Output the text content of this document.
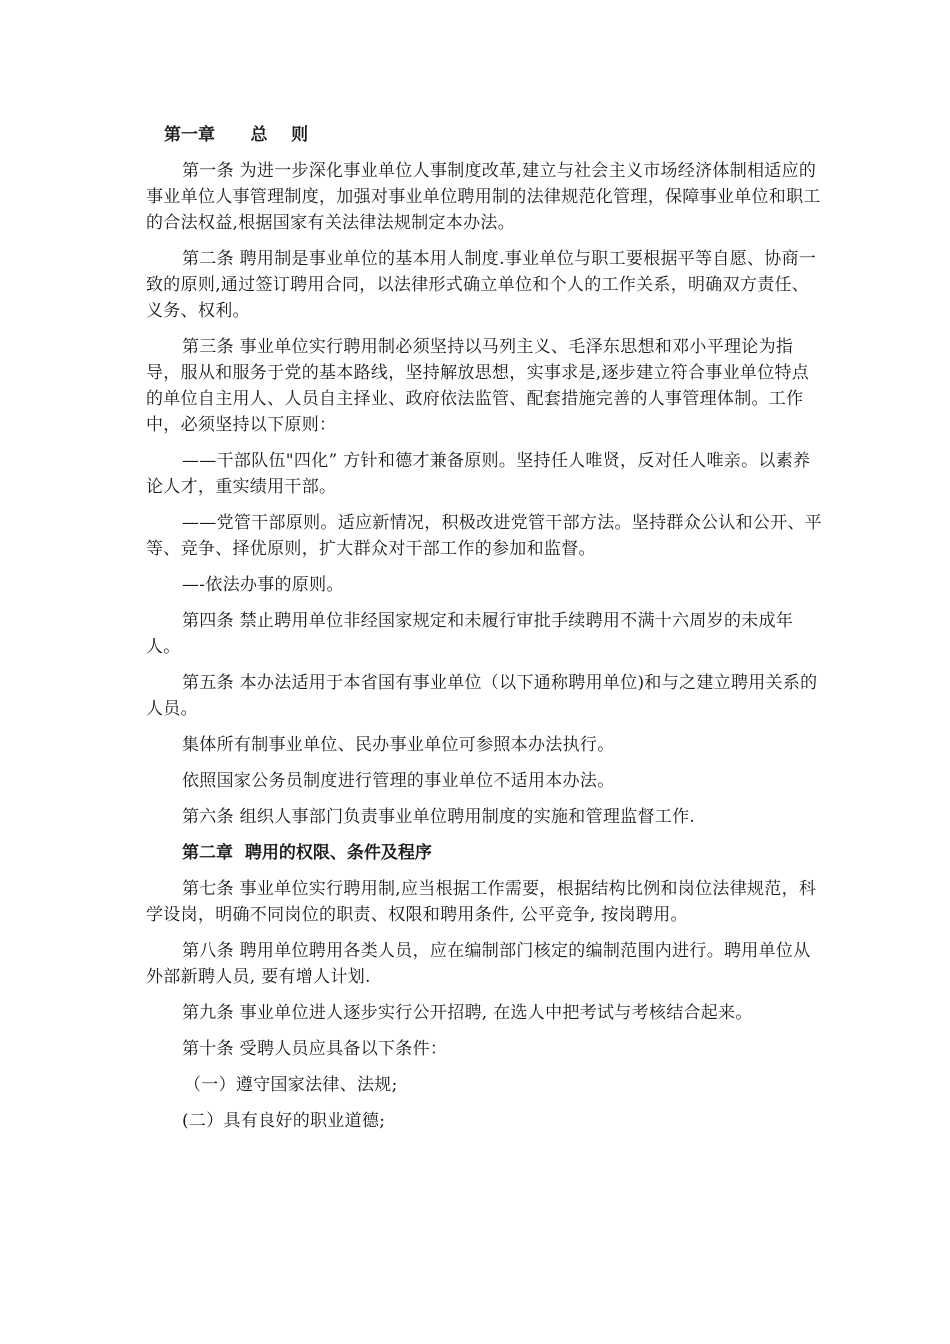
第一章      总    则

第一条 为进一步深化事业单位人事制度改革,建立与社会主义市场经济体制相适应的事业单位人事管理制度，加强对事业单位聘用制的法律规范化管理，保障事业单位和职工的合法权益,根据国家有关法律法规制定本办法。

第二条 聘用制是事业单位的基本用人制度.事业单位与职工要根据平等自愿、协商一致的原则,通过签订聘用合同，以法律形式确立单位和个人的工作关系，明确双方责任、义务、权利。

第三条 事业单位实行聘用制必须坚持以马列主义、毛泽东思想和邓小平理论为指导，服从和服务于党的基本路线，坚持解放思想，实事求是,逐步建立符合事业单位特点的单位自主用人、人员自主择业、政府依法监管、配套措施完善的人事管理体制。工作中，必须坚持以下原则：

——干部队伍"四化” 方针和德才兼备原则。坚持任人唯贤，反对任人唯亲。以素养论人才，重实绩用干部。

——党管干部原则。适应新情况，积极改进党管干部方法。坚持群众公认和公开、平等、竞争、择优原则，扩大群众对干部工作的参加和监督。

—-依法办事的原则。

第四条 禁止聘用单位非经国家规定和未履行审批手续聘用不满十六周岁的未成年人。

第五条 本办法适用于本省国有事业单位（以下通称聘用单位)和与之建立聘用关系的人员。

集体所有制事业单位、民办事业单位可参照本办法执行。

依照国家公务员制度进行管理的事业单位不适用本办法。

第六条 组织人事部门负责事业单位聘用制度的实施和管理监督工作.

第二章  聘用的权限、条件及程序

第七条 事业单位实行聘用制,应当根据工作需要，根据结构比例和岗位法律规范，科学设岗，明确不同岗位的职责、权限和聘用条件, 公平竞争, 按岗聘用。

第八条 聘用单位聘用各类人员，应在编制部门核定的编制范围内进行。聘用单位从外部新聘人员, 要有增人计划.

第九条 事业单位进人逐步实行公开招聘, 在选人中把考试与考核结合起来。

第十条 受聘人员应具备以下条件：

（一）遵守国家法律、法规;

(二）具有良好的职业道德;
